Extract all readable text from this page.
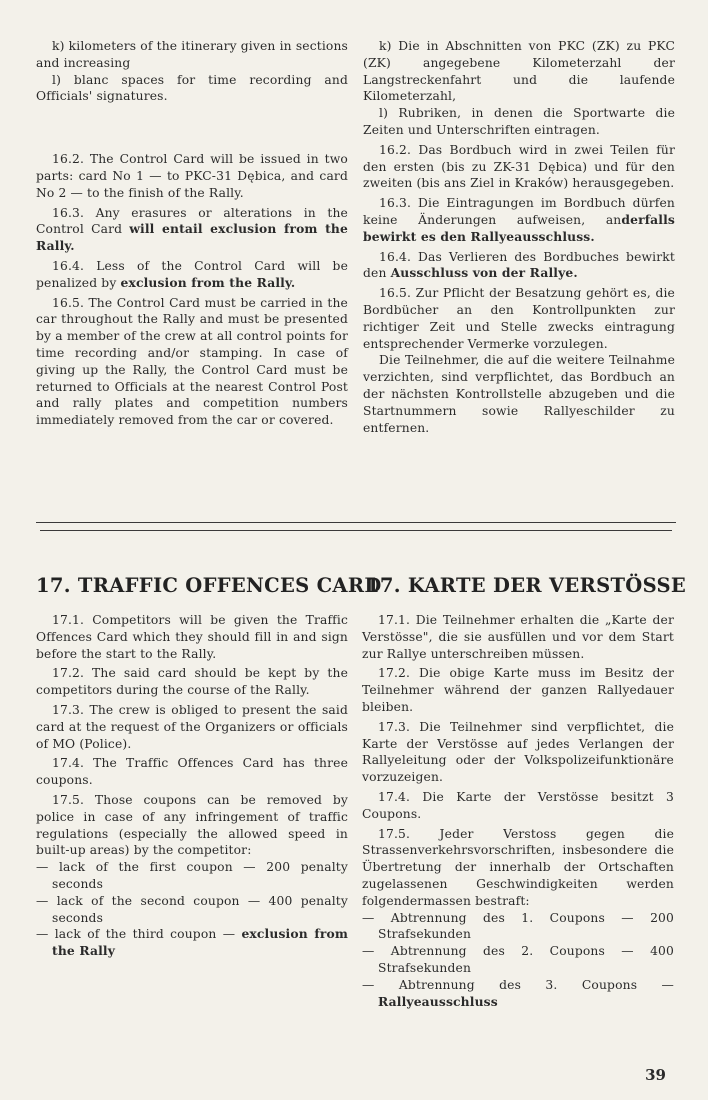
k) kilometers of the itinerary given in sections and increasing

l) blanc spaces for time recording and Officials' signatures.

16.2. The Control Card will be issued in two parts: card No 1 — to PKC-31 Dębica, and card No 2 — to the finish of the Rally.

16.3. Any erasures or alterations in the Control Card will entail exclusion from the Rally.

16.4. Less of the Control Card will be penalized by exclusion from the Rally.

16.5. The Control Card must be carried in the car throughout the Rally and must be presented by a member of the crew at all control points for time recording and/or stamping. In case of giving up the Rally, the Control Card must be returned to Officials at the nearest Control Post and rally plates and competition numbers immediately removed from the car or covered.

k) Die in Abschnitten von PKC (ZK) zu PKC (ZK) angegebene Kilometerzahl der Langstreckenfahrt und die laufende Kilometerzahl,

l) Rubriken, in denen die Sportwarte die Zeiten und Unterschriften eintragen.

16.2. Das Bordbuch wird in zwei Teilen für den ersten (bis zu ZK-31 Dębica) und für den zweiten (bis ans Ziel in Kraków) herausgegeben.

16.3. Die Eintragungen im Bordbuch dürfen keine Änderungen aufweisen, anderfalls bewirkt es den Rallyeausschluss.

16.4. Das Verlieren des Bordbuches bewirkt den Ausschluss von der Rallye.

16.5. Zur Pflicht der Besatzung gehört es, die Bordbücher an den Kontrollpunkten zur richtiger Zeit und Stelle zwecks eintragung entsprechender Vermerke vorzulegen.

Die Teilnehmer, die auf die weitere Teilnahme verzichten, sind verpflichtet, das Bordbuch an der nächsten Kontrollstelle abzugeben und die Startnummern sowie Rallyeschilder zu entfernen.

17. TRAFFIC OFFENCES CARD
17. KARTE DER VERSTÖSSE

17.1. Competitors will be given the Traffic Offences Card which they should fill in and sign before the start to the Rally.

17.2. The said card should be kept by the competitors during the course of the Rally.

17.3. The crew is obliged to present the said card at the request of the Organizers or officials of MO (Police).

17.4. The Traffic Offences Card has three coupons.

17.5. Those coupons can be removed by police in case of any infringement of traffic regulations (especially the allowed speed in built-up areas) by the competitor:

— lack of the first coupon — 200 penalty seconds

— lack of the second coupon — 400 penalty seconds

— lack of the third coupon — exclusion from the Rally

17.1. Die Teilnehmer erhalten die „Karte der Verstösse", die sie ausfüllen und vor dem Start zur Rallye unterschreiben müssen.

17.2. Die obige Karte muss im Besitz der Teilnehmer während der ganzen Rallyedauer bleiben.

17.3. Die Teilnehmer sind verpflichtet, die Karte der Verstösse auf jedes Verlangen der Rallyeleitung oder der Volkspolizeifunktionäre vorzuzeigen.

17.4. Die Karte der Verstösse besitzt 3 Coupons.

17.5. Jeder Verstoss gegen die Strassenverkehrsvorschriften, insbesondere die Übertretung der innerhalb der Ortschaften zugelassenen Geschwindigkeiten werden folgendermassen bestraft:

— Abtrennung des 1. Coupons — 200 Strafsekunden

— Abtrennung des 2. Coupons — 400 Strafsekunden

— Abtrennung des 3. Coupons — Rallyeausschluss

39
